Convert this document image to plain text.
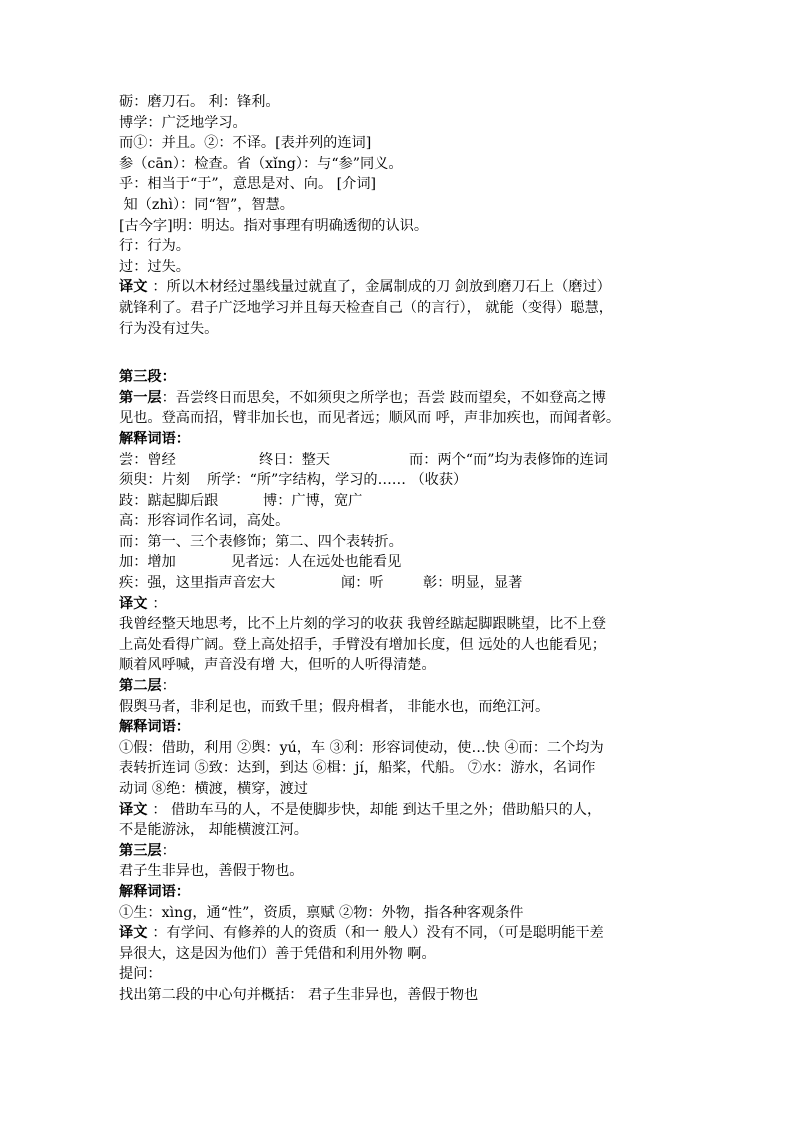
砺：磨刀石。 利：锋利。
博学：广泛地学习。
而①：并且。②：不译。[表并列的连词]
参（cān）：检查。省（xǐng）：与“参”同义。
乎：相当于“于”，意思是对、向。 [介词]
知（zhì）：同“智”，智慧。
[古今字]明：明达。指对事理有明确透彻的认识。
行：行为。
过：过失。
译文 ：所以木材经过墨线量过就直了，金属制成的刀 剑放到磨刀石上（磨过）
就锋利了。君子广泛地学习并且每天检查自己（的言行）， 就能（变得）聪慧，
行为没有过失。
第三段：
第一层：吾尝终日而思矣，不如须臾之所学也；吾尝 跂而望矣，不如登高之博
见也。登高而招，臂非加长也，而见者远；顺风而 呼，声非加疾也，而闻者彰。
解释词语：
尝：曾经	终日：整天	而：两个“而”均为表修饰的连词
须臾：片刻 所学：“所”字结构，学习的…… （收获）
跂：踮起脚后跟	博：广博，宽广
高：形容词作名词，高处。
而：第一、三个表修饰；第二、四个表转折。
加：增加	见者远：人在远处也能看见
疾：强，这里指声音宏大	闻：听	彰：明显，显著
译文 ：
我曾经整天地思考，比不上片刻的学习的收获 我曾经踮起脚跟眺望，比不上登
上高处看得广阔。登上高处招手，手臂没有增加长度，但 远处的人也能看见；
顺着风呼喊，声音没有增 大，但听的人听得清楚。
第二层：
假舆马者，非利足也，而致千里；假舟楫者， 非能水也，而绝江河。
解释词语：
①假：借助，利用 ②舆：yú，车 ③利：形容词使动，使…快 ④而：二个均为
表转折连词 ⑤致：达到，到达 ⑥楫：jí，船桨，代船。 ⑦水：游水，名词作
动词 ⑧绝：横渡，横穿，渡过
译文 ： 借助车马的人，不是使脚步快，却能 到达千里之外；借助船只的人，
不是能游泳， 却能横渡江河。
第三层：
君子生非异也，善假于物也。
解释词语：
①生：xìng，通“性”，资质，禀赋 ②物：外物，指各种客观条件
译文 ：有学问、有修养的人的资质（和一 般人）没有不同，（可是聪明能干差
异很大，这是因为他们）善于凭借和利用外物 啊。
提问：
找出第二段的中心句并概括： 君子生非异也，善假于物也
